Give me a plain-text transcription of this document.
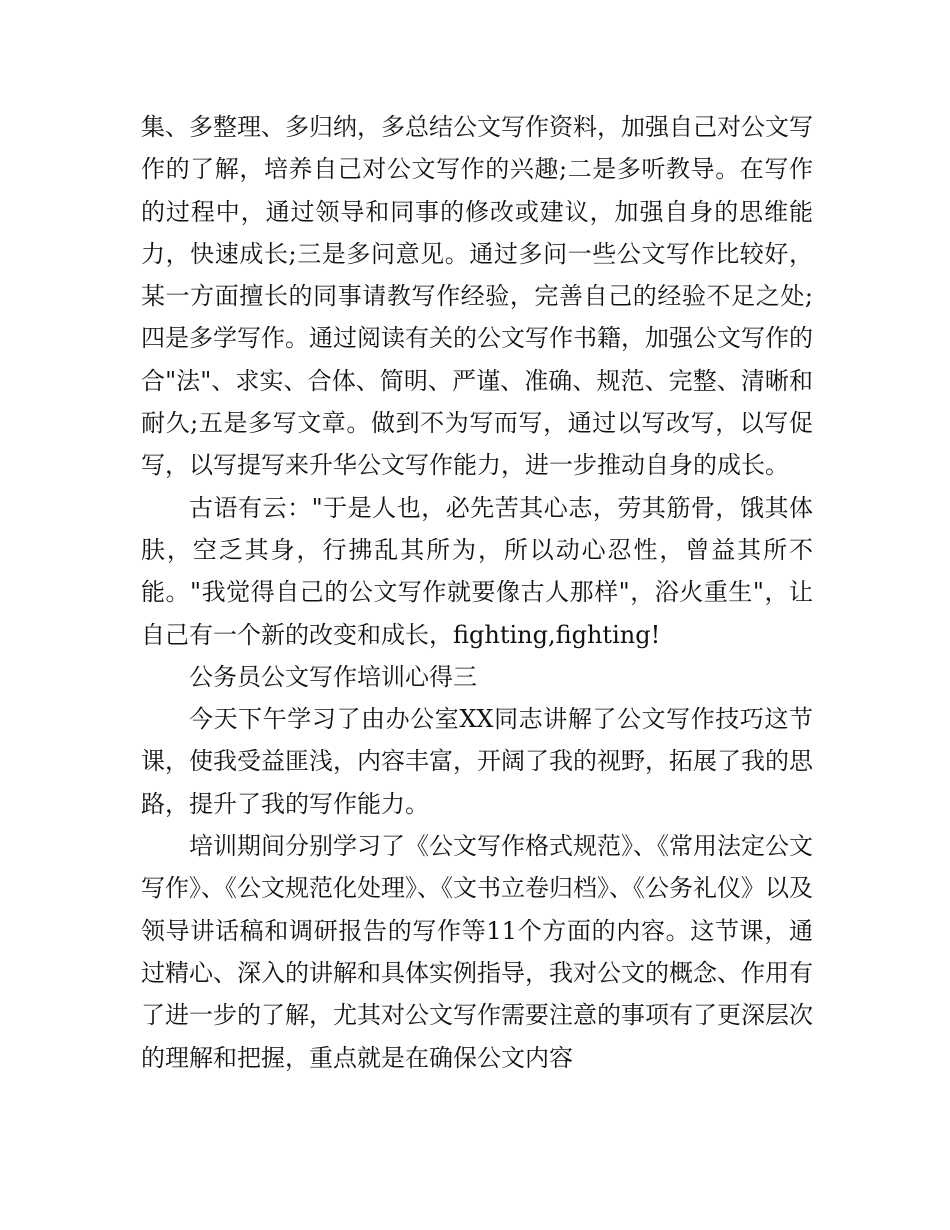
集、多整理、多归纳，多总结公文写作资料，加强自己对公文写作的了解，培养自己对公文写作的兴趣;二是多听教导。在写作的过程中，通过领导和同事的修改或建议，加强自身的思维能力，快速成长;三是多问意见。通过多问一些公文写作比较好，某一方面擅长的同事请教写作经验，完善自己的经验不足之处;四是多学写作。通过阅读有关的公文写作书籍，加强公文写作的合"法"、求实、合体、简明、严谨、准确、规范、完整、清晰和耐久;五是多写文章。做到不为写而写，通过以写改写，以写促写，以写提写来升华公文写作能力，进一步推动自身的成长。

古语有云："于是人也，必先苦其心志，劳其筋骨，饿其体肤，空乏其身，行拂乱其所为，所以动心忍性，曾益其所不能。"我觉得自己的公文写作就要像古人那样"，浴火重生"，让自己有一个新的改变和成长，fighting,fighting!

公务员公文写作培训心得三

今天下午学习了由办公室XX同志讲解了公文写作技巧这节课，使我受益匪浅，内容丰富，开阔了我的视野，拓展了我的思路，提升了我的写作能力。

培训期间分别学习了《公文写作格式规范》、《常用法定公文写作》、《公文规范化处理》、《文书立卷归档》、《公务礼仪》以及领导讲话稿和调研报告的写作等11个方面的内容。这节课，通过精心、深入的讲解和具体实例指导，我对公文的概念、作用有了进一步的了解，尤其对公文写作需要注意的事项有了更深层次的理解和把握，重点就是在确保公文内容
